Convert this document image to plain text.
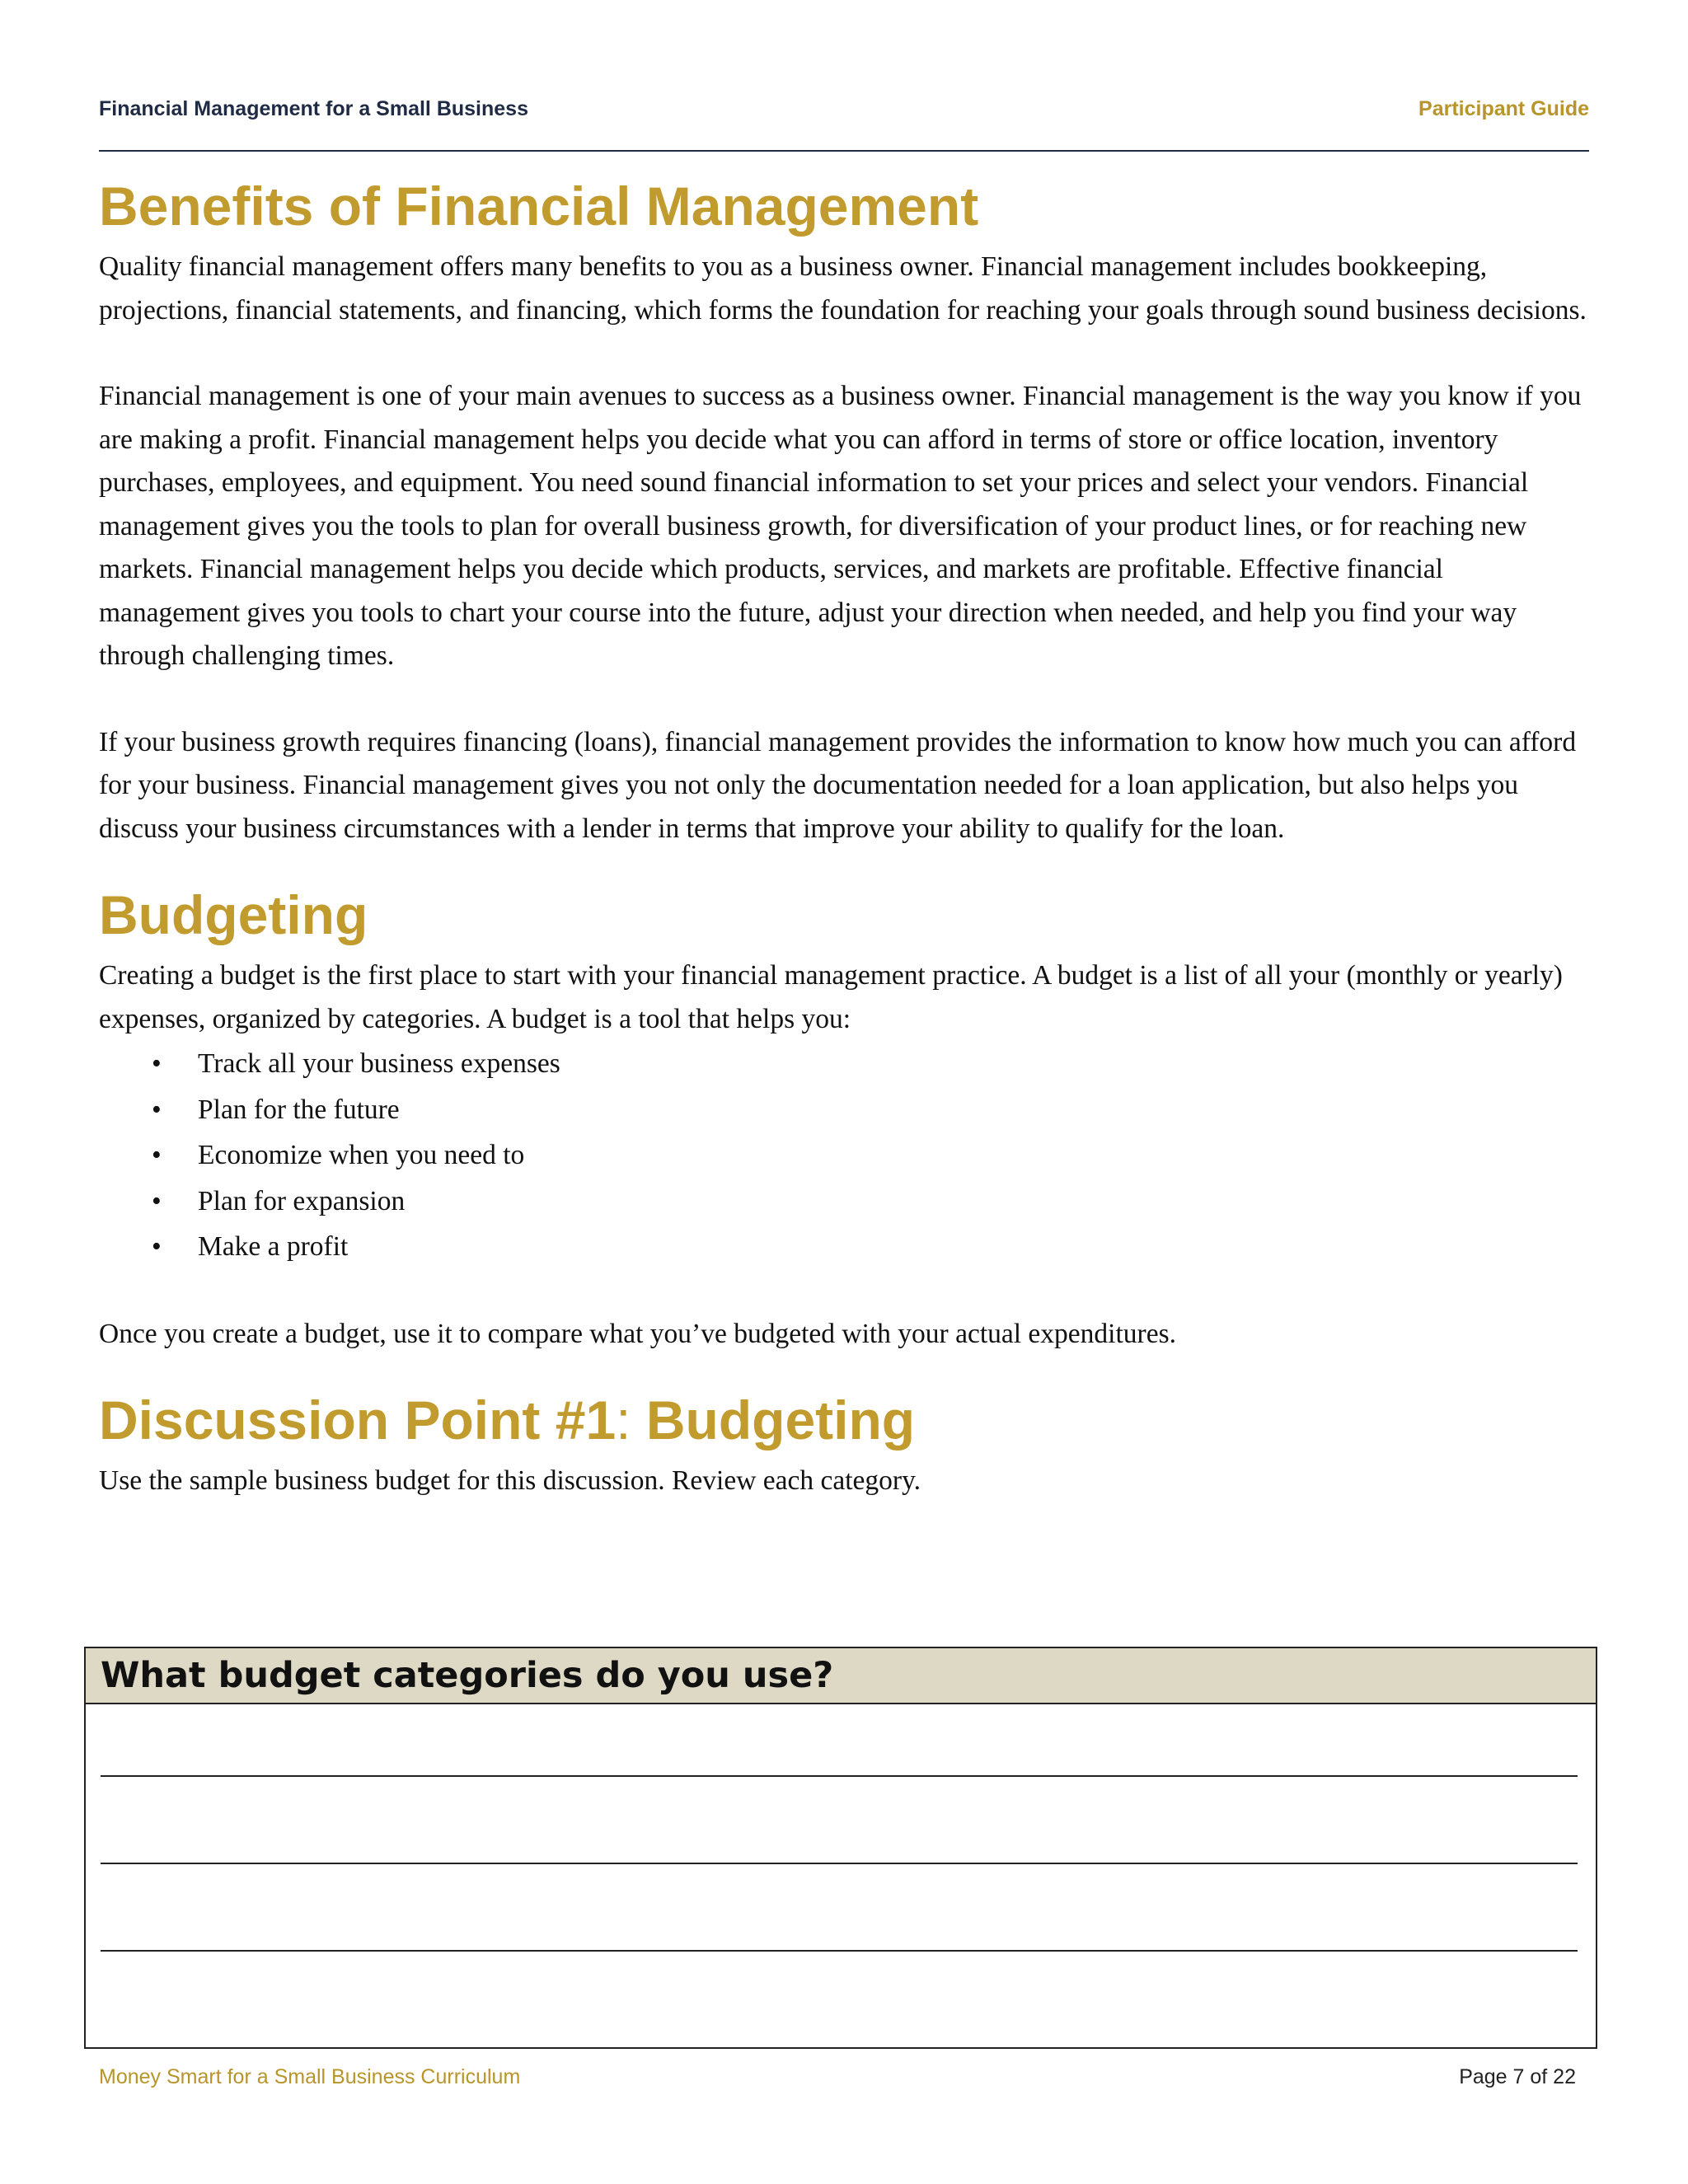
Financial Management for a Small Business	Participant Guide
Benefits of Financial Management

Quality financial management offers many benefits to you as a business owner. Financial management includes bookkeeping, projections, financial statements, and financing, which forms the foundation for reaching your goals through sound business decisions.

Financial management is one of your main avenues to success as a business owner. Financial management is the way you know if you are making a profit. Financial management helps you decide what you can afford in terms of store or office location, inventory purchases, employees, and equipment. You need sound financial information to set your prices and select your vendors. Financial management gives you the tools to plan for overall business growth, for diversification of your product lines, or for reaching new markets. Financial management helps you decide which products, services, and markets are profitable. Effective financial management gives you tools to chart your course into the future, adjust your direction when needed, and help you find your way through challenging times.

If your business growth requires financing (loans), financial management provides the information to know how much you can afford for your business. Financial management gives you not only the documentation needed for a loan application, but also helps you discuss your business circumstances with a lender in terms that improve your ability to qualify for the loan.

Budgeting

Creating a budget is the first place to start with your financial management practice. A budget is a list of all your (monthly or yearly) expenses, organized by categories. A budget is a tool that helps you:

• Track all your business expenses
• Plan for the future
• Economize when you need to
• Plan for expansion
• Make a profit

Once you create a budget, use it to compare what you’ve budgeted with your actual expenditures.

Discussion Point #1: Budgeting

Use the sample business budget for this discussion. Review each category.

What budget categories do you use?
Money Smart for a Small Business Curriculum	Page 7 of 22
